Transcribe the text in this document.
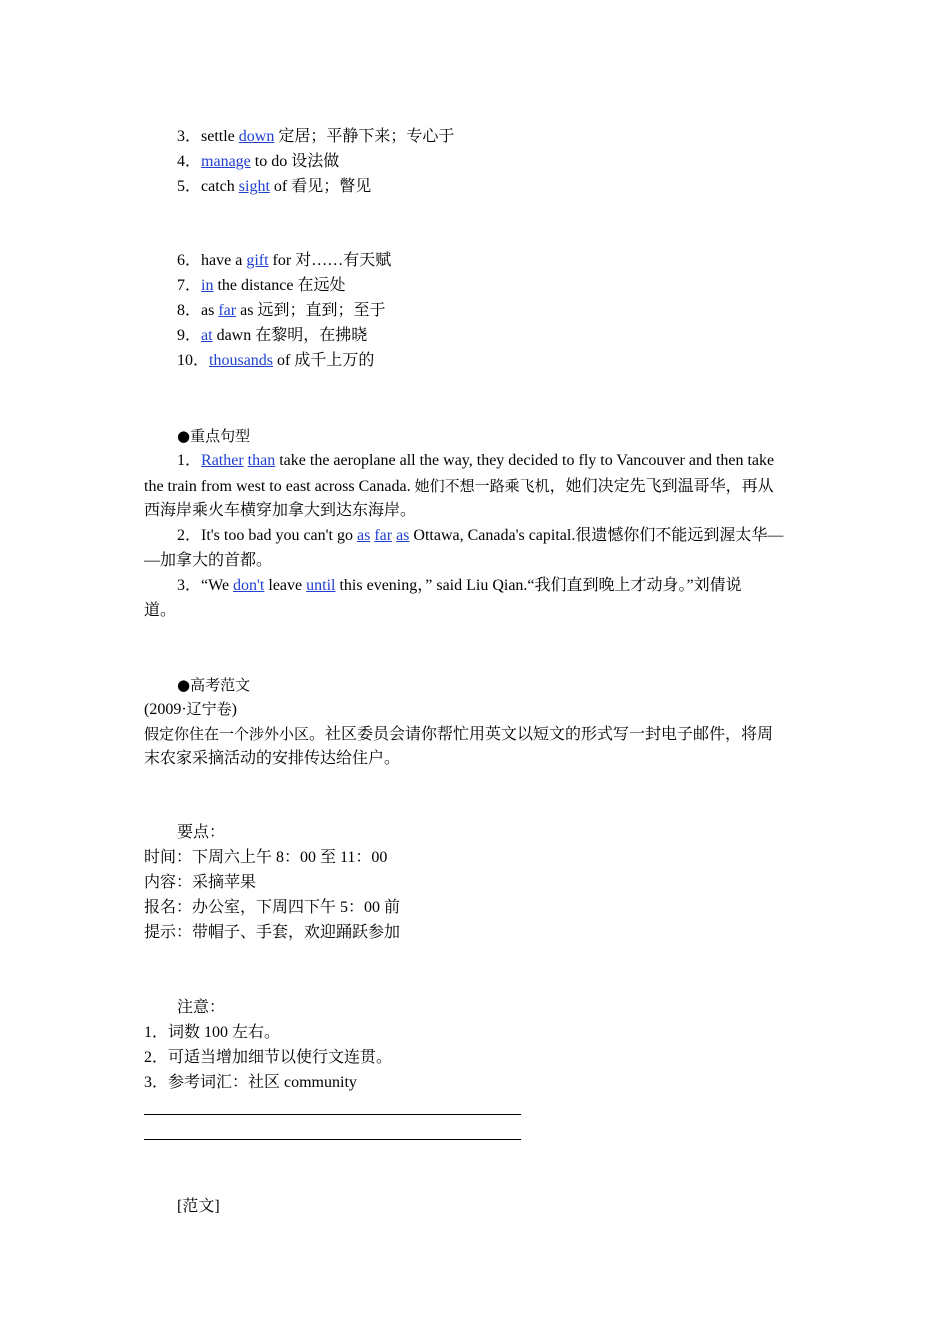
3．settle down 定居；平静下来；专心于
4．manage to do 设法做
5．catch sight of 看见；瞥见
6．have a gift for 对……有天赋
7．in the distance 在远处
8．as far as 远到；直到；至于
9．at dawn 在黎明，在拂晓
10．thousands of 成千上万的
●重点句型
1．Rather than take the aeroplane all the way, they decided to fly to Vancouver and then take
the train from west to east across Canada. 她们不想一路乘飞机，她们决定先飞到温哥华，再从
西海岸乘火车横穿加拿大到达东海岸。
2．It's too bad you can't go as far as Ottawa, Canada's capital.很遗憾你们不能远到渥太华—
—加拿大的首都。
3．“We don't leave until this evening，” said Liu Qian.“我们直到晚上才动身。”刘倩说
道。
●高考范文
(2009·辽宁卷)
假定你住在一个涉外小区。社区委员会请你帮忙用英文以短文的形式写一封电子邮件，将周
末农家采摘活动的安排传达给住户。
要点：
时间：下周六上午 8：00 至 11：00
内容：采摘苹果
报名：办公室，下周四下午 5：00 前
提示：带帽子、手套，欢迎踊跃参加
注意：
1．词数 100 左右。
2．可适当增加细节以使行文连贯。
3．参考词汇：社区 community
[范文]
